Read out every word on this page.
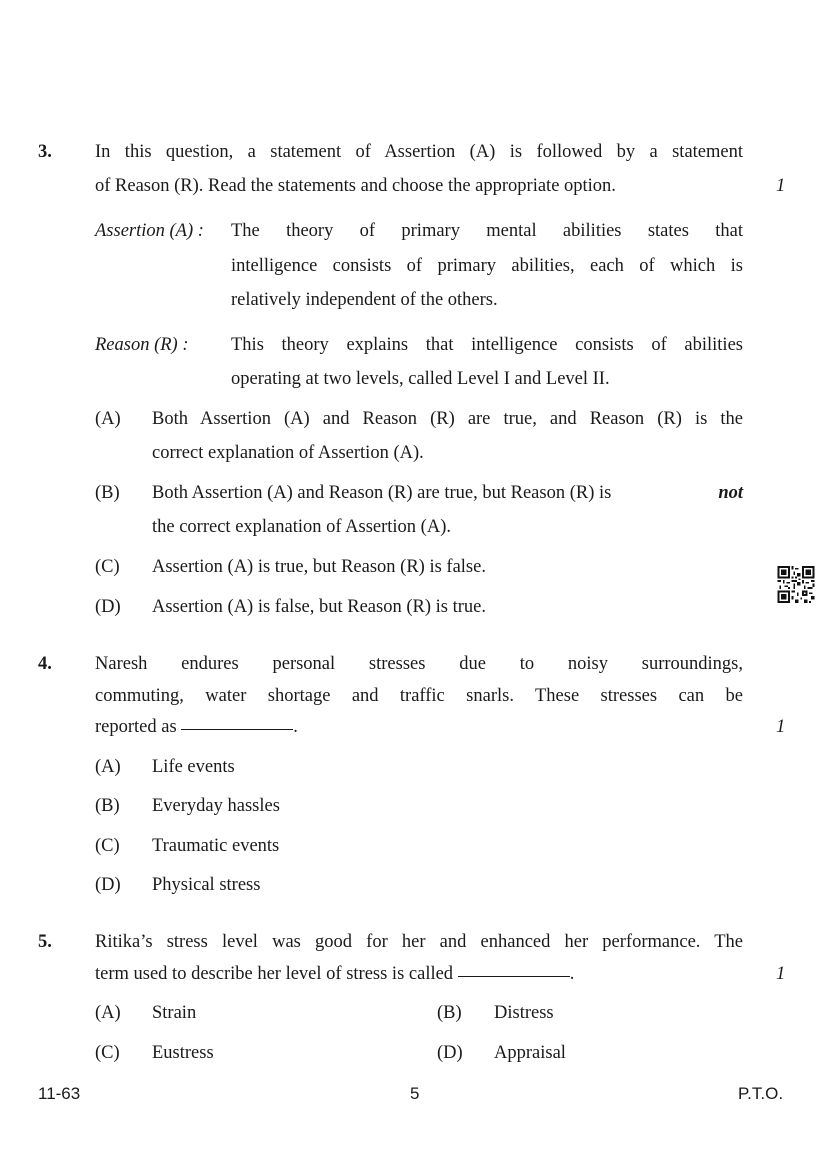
3. In this question, a statement of Assertion (A) is followed by a statement
of Reason (R). Read the statements and choose the appropriate option.	1
Assertion (A) : The theory of primary mental abilities states that
intelligence consists of primary abilities, each of which is
relatively independent of the others.
Reason (R) : This theory explains that intelligence consists of abilities
operating at two levels, called Level I and Level II.
(A) Both Assertion (A) and Reason (R) are true, and Reason (R) is the
correct explanation of Assertion (A).
(B) Both Assertion (A) and Reason (R) are true, but Reason (R) is	not
the correct explanation of Assertion (A).
(C) Assertion (A) is true, but Reason (R) is false.
(D) Assertion (A) is false, but Reason (R) is true.
4. Naresh endures personal stresses due to noisy surroundings,
commuting, water shortage and traffic snarls. These stresses can be
reported as	.	1
(A) Life events
(B) Everyday hassles
(C) Traumatic events
(D) Physical stress
5. Ritika’s stress level was good for her and enhanced her performance. The
term used to describe her level of stress is called	.	1
(A) Strain	(B) Distress
(C) Eustress	(D) Appraisal
11-63	5	P.T.O.
